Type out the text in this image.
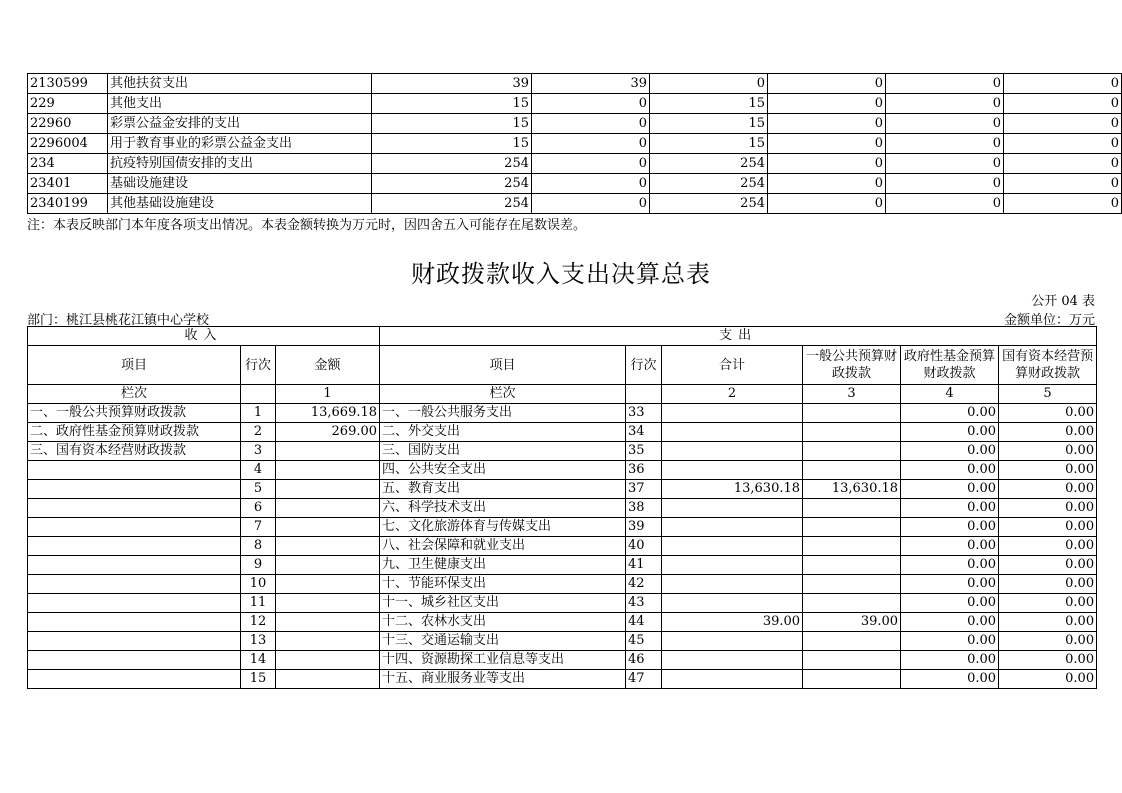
2130599	其他扶贫支出	39	39	0	0	0	0
229	其他支出	15	0	15	0	0	0
22960	彩票公益金安排的支出	15	0	15	0	0	0
2296004	用于教育事业的彩票公益金支出	15	0	15	0	0	0
234	抗疫特别国债安排的支出	254	0	254	0	0	0
23401	基础设施建设	254	0	254	0	0	0
2340199	其他基础设施建设	254	0	254	0	0	0
注：本表反映部门本年度各项支出情况。本表金额转换为万元时，因四舍五入可能存在尾数误差。
财政拨款收入支出决算总表
公开 04 表
部门：桃江县桃花江镇中心学校	金额单位：万元
收入			支出					
项目	行次	金额	项目	行次	合计	一般公共预算财政拨款	政府性基金预算财政拨款	国有资本经营预算财政拨款
栏次		1	栏次		2	3	4	5
一、一般公共预算财政拨款	1	13,669.18	一、一般公共服务支出	33			0.00	0.00
二、政府性基金预算财政拨款	2	269.00	二、外交支出	34			0.00	0.00
三、国有资本经营财政拨款	3		三、国防支出	35			0.00	0.00
	4		四、公共安全支出	36			0.00	0.00
	5		五、教育支出	37	13,630.18	13,630.18	0.00	0.00
	6		六、科学技术支出	38			0.00	0.00
	7		七、文化旅游体育与传媒支出	39			0.00	0.00
	8		八、社会保障和就业支出	40			0.00	0.00
	9		九、卫生健康支出	41			0.00	0.00
	10		十、节能环保支出	42			0.00	0.00
	11		十一、城乡社区支出	43			0.00	0.00
	12		十二、农林水支出	44	39.00	39.00	0.00	0.00
	13		十三、交通运输支出	45			0.00	0.00
	14		十四、资源勘探工业信息等支出	46			0.00	0.00
	15		十五、商业服务业等支出	47			0.00	0.00
